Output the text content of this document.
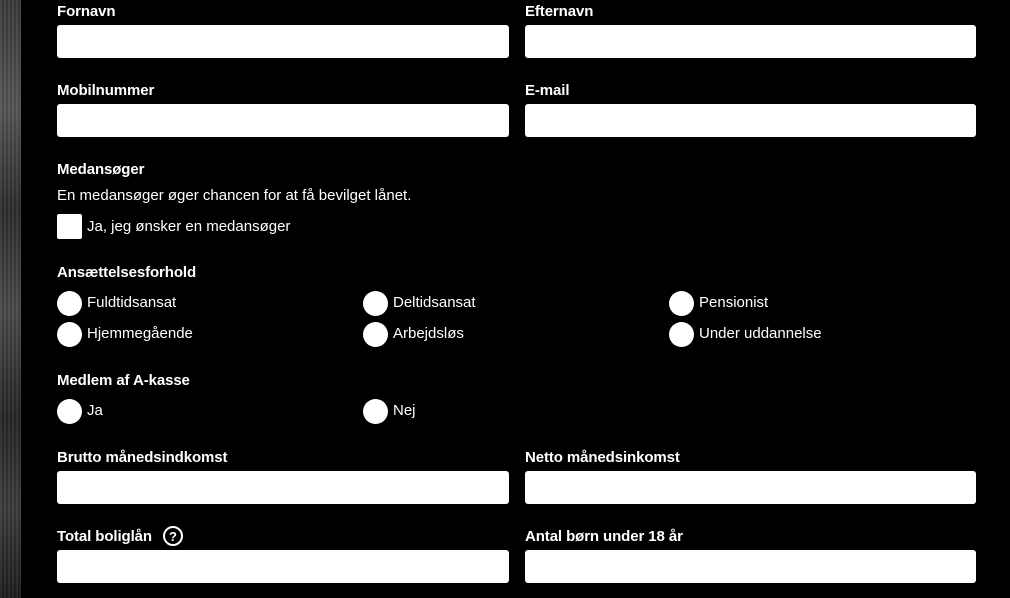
Fornavn	Efternavn
Mobilnummer	E-mail
Medansøger
En medansøger øger chancen for at få bevilget lånet.
Ja, jeg ønsker en medansøger
Ansættelsesforhold
Fuldtidsansat	Deltidsansat	Pensionist
Hjemmegående	Arbejdsløs	Under uddannelse
Medlem af A-kasse
Ja	Nej
Brutto månedsindkomst	Netto månedsinkomst
Total boliglån	?	Antal børn under 18 år
